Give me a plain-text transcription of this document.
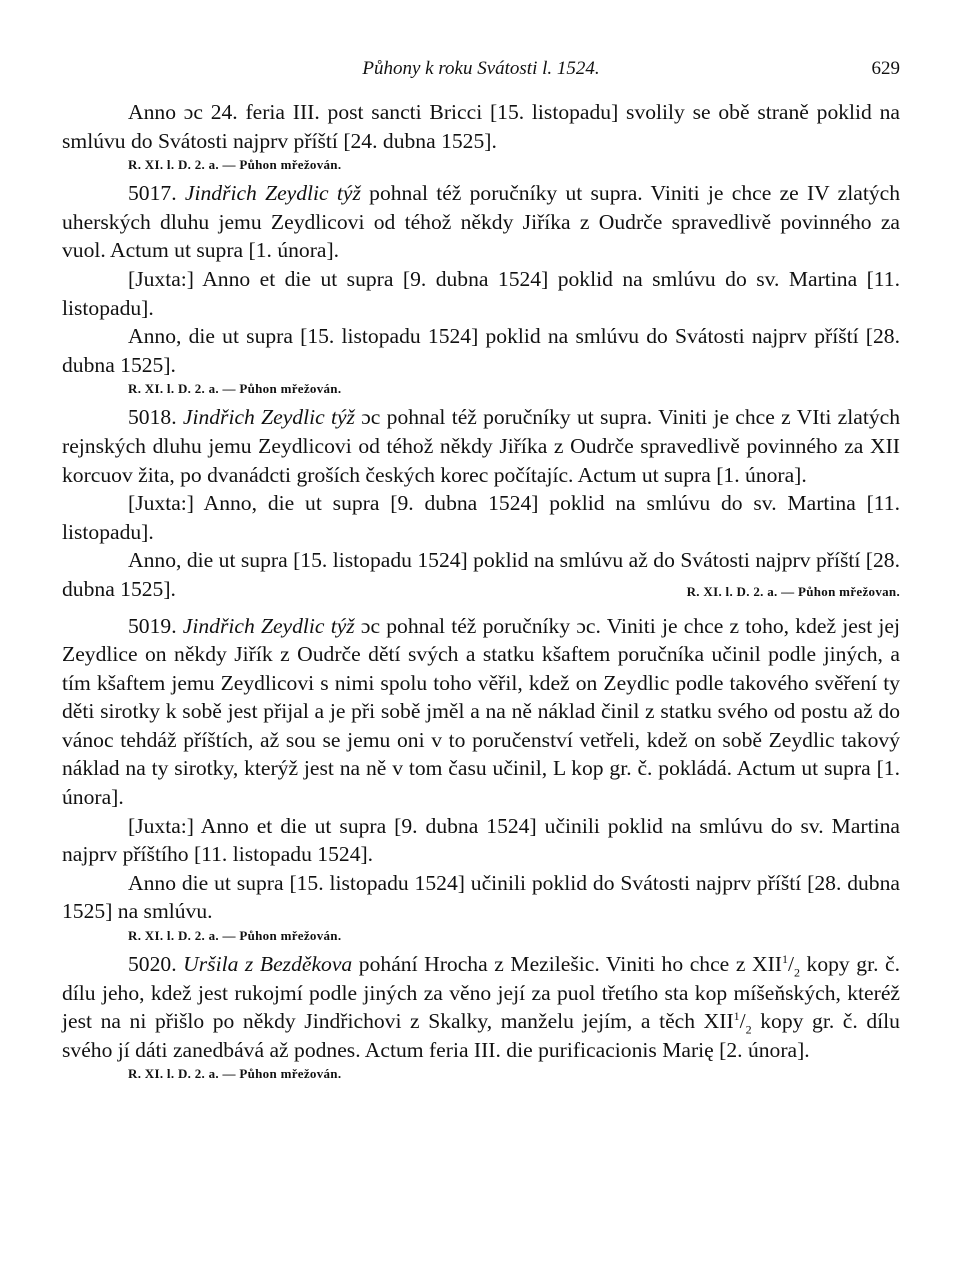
Půhony k roku Svátosti l. 1524.	629

Anno ɔc 24. feria III. post sancti Bricci [15. listopadu] svolily se obě straně poklid na smlúvu do Svátosti najprv příští [24. dubna 1525].

R. XI. l. D. 2. a. — Půhon mřežován.

5017. Jindřich Zeydlic týž pohnal též poručníky ut supra. Viniti je chce ze IV zlatých uherských dluhu jemu Zeydlicovi od téhož někdy Jiříka z Oudrče spravedlivě povinného za vuol. Actum ut supra [1. února].

[Juxta:] Anno et die ut supra [9. dubna 1524] poklid na smlúvu do sv. Martina [11. listopadu].

Anno, die ut supra [15. listopadu 1524] poklid na smlúvu do Svátosti najprv příští [28. dubna 1525].

R. XI. l. D. 2. a. — Půhon mřežován.

5018. Jindřich Zeydlic týž ɔc pohnal též poručníky ut supra. Viniti je chce z VIti zlatých rejnských dluhu jemu Zeydlicovi od téhož někdy Jiříka z Oudrče spravedlivě povinného za XII korcuov žita, po dvanádcti groších českých korec počítajíc. Actum ut supra [1. února].

[Juxta:] Anno, die ut supra [9. dubna 1524] poklid na smlúvu do sv. Martina [11. listopadu].

Anno, die ut supra [15. listopadu 1524] poklid na smlúvu až do Svátosti najprv příští [28. dubna 1525].	R. XI. l. D. 2. a. — Půhon mřežovan.

5019. Jindřich Zeydlic týž ɔc pohnal též poručníky ɔc. Viniti je chce z toho, kdež jest jej Zeydlice on někdy Jiřík z Oudrče dětí svých a statku kšaftem poručníka učinil podle jiných, a tím kšaftem jemu Zeydlicovi s nimi spolu toho věřil, kdež on Zeydlic podle takového svěření ty děti sirotky k sobě jest přijal a je při sobě jměl a na ně náklad činil z statku svého od postu až do vánoc tehdáž příštích, až sou se jemu oni v to poručenství vetřeli, kdež on sobě Zeydlic takový náklad na ty sirotky, kterýž jest na ně v tom času učinil, L kop gr. č. pokládá. Actum ut supra [1. února].

[Juxta:] Anno et die ut supra [9. dubna 1524] učinili poklid na smlúvu do sv. Martina najprv příštího [11. listopadu 1524].

Anno die ut supra [15. listopadu 1524] učinili poklid do Svátosti najprv příští [28. dubna 1525] na smlúvu.

R. XI. l. D. 2. a. — Půhon mřežován.

5020. Uršila z Bezděkova pohání Hrocha z Mezilešic. Viniti ho chce z $XII^1/_2$ kopy gr. č. dílu jeho, kdež jest rukojmí podle jiných za věno její za puol třetího sta kop míšeňských, kteréž jest na ni přišlo po někdy Jindřichovi z Skalky, manželu jejím, a těch $XII^1/_2$ kopy gr. č. dílu svého jí dáti zanedbává až podnes. Actum feria III. die purificacionis Marię [2. února].

R. XI. l. D. 2. a. — Půhon mřežován.
